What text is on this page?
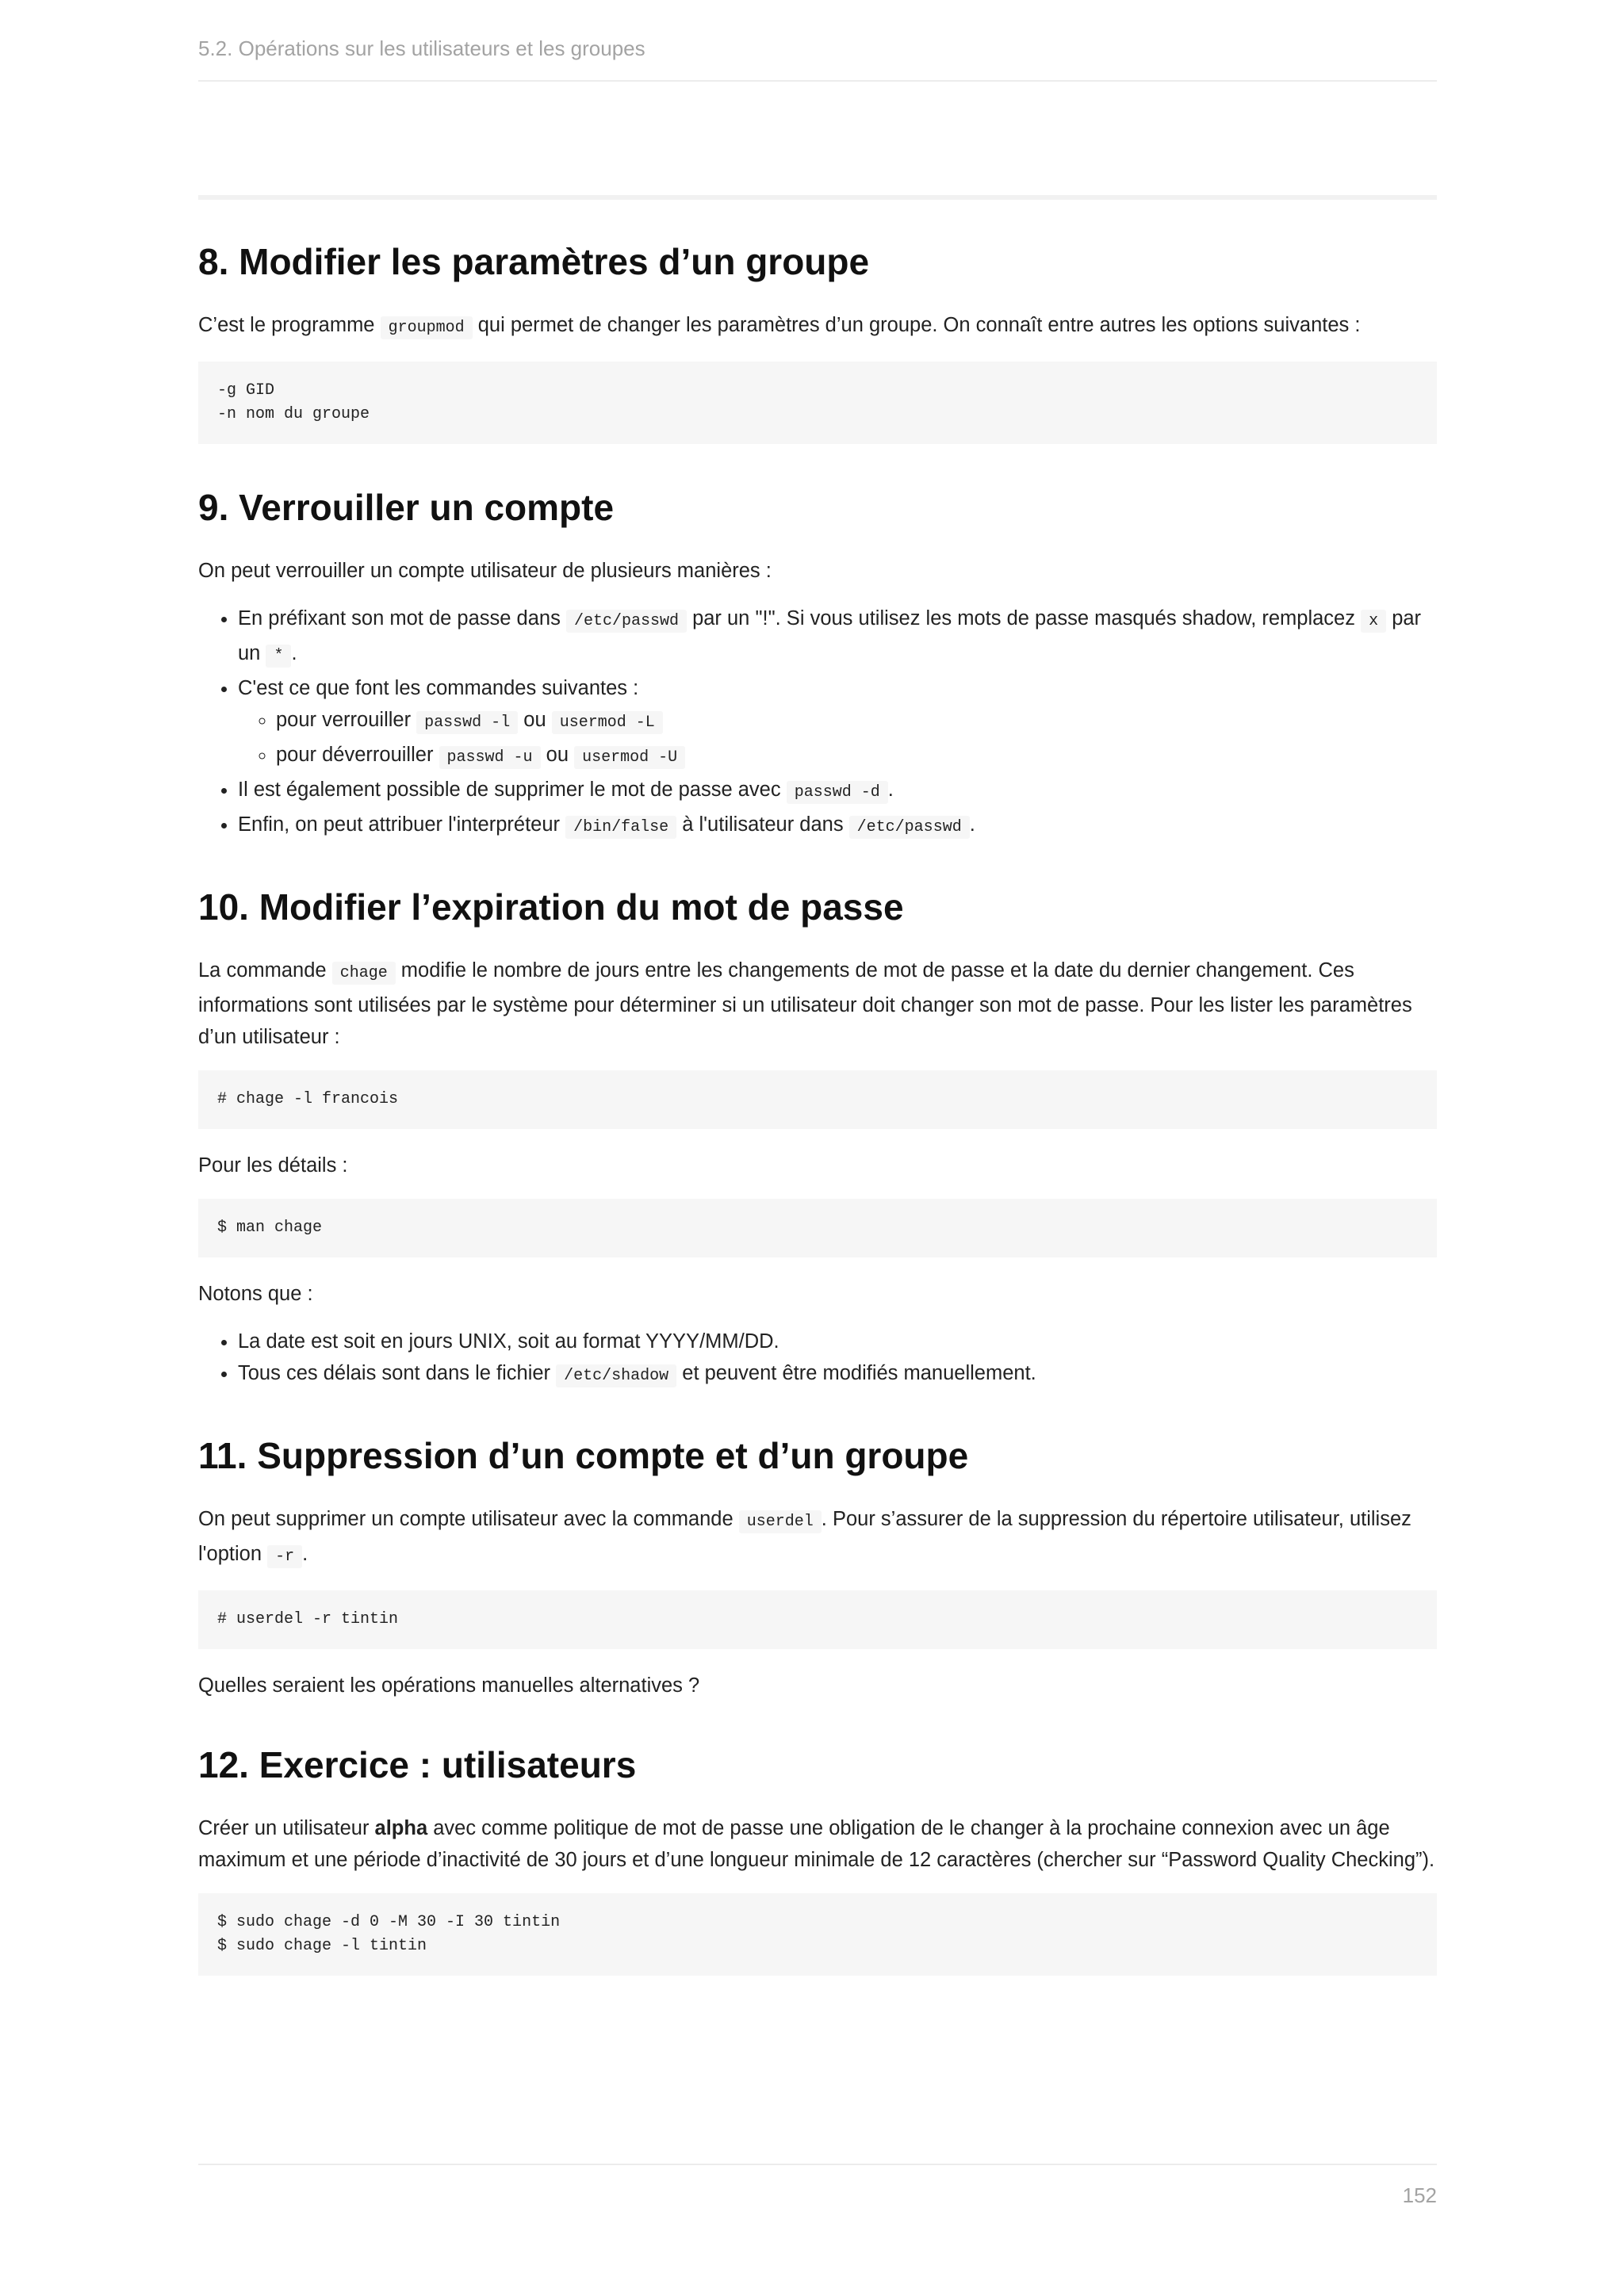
5.2. Opérations sur les utilisateurs et les groupes
8. Modifier les paramètres d’un groupe

C’est le programme groupmod qui permet de changer les paramètres d’un groupe. On connaît entre autres les options suivantes :

-g GID
-n nom du groupe
9. Verrouiller un compte

On peut verrouiller un compte utilisateur de plusieurs manières :

• En préfixant son mot de passe dans /etc/passwd par un "!". Si vous utilisez les mots de passe masqués shadow, remplacez x par un * .
• C'est ce que font les commandes suivantes :
◦ pour verrouiller passwd -l ou usermod -L
◦ pour déverrouiller passwd -u ou usermod -U
• Il est également possible de supprimer le mot de passe avec passwd -d .
• Enfin, on peut attribuer l'interpréteur /bin/false à l'utilisateur dans /etc/passwd .
10. Modifier l’expiration du mot de passe

La commande chage modifie le nombre de jours entre les changements de mot de passe et la date du dernier changement. Ces informations sont utilisées par le système pour déterminer si un utilisateur doit changer son mot de passe. Pour les lister les paramètres d’un utilisateur :

# chage -l francois

Pour les détails :

$ man chage

Notons que :

• La date est soit en jours UNIX, soit au format YYYY/MM/DD.
• Tous ces délais sont dans le fichier /etc/shadow et peuvent être modifiés manuellement.
11. Suppression d’un compte et d’un groupe

On peut supprimer un compte utilisateur avec la commande userdel . Pour s’assurer de la suppression du répertoire utilisateur, utilisez l'option -r .

# userdel -r tintin

Quelles seraient les opérations manuelles alternatives ?

12. Exercice : utilisateurs

Créer un utilisateur alpha avec comme politique de mot de passe une obligation de le changer à la prochaine connexion avec un âge maximum et une période d’inactivité de 30 jours et d’une longueur minimale de 12 caractères (chercher sur “Password Quality Checking”).

$ sudo chage -d 0 -M 30 -I 30 tintin
$ sudo chage -l tintin
152
